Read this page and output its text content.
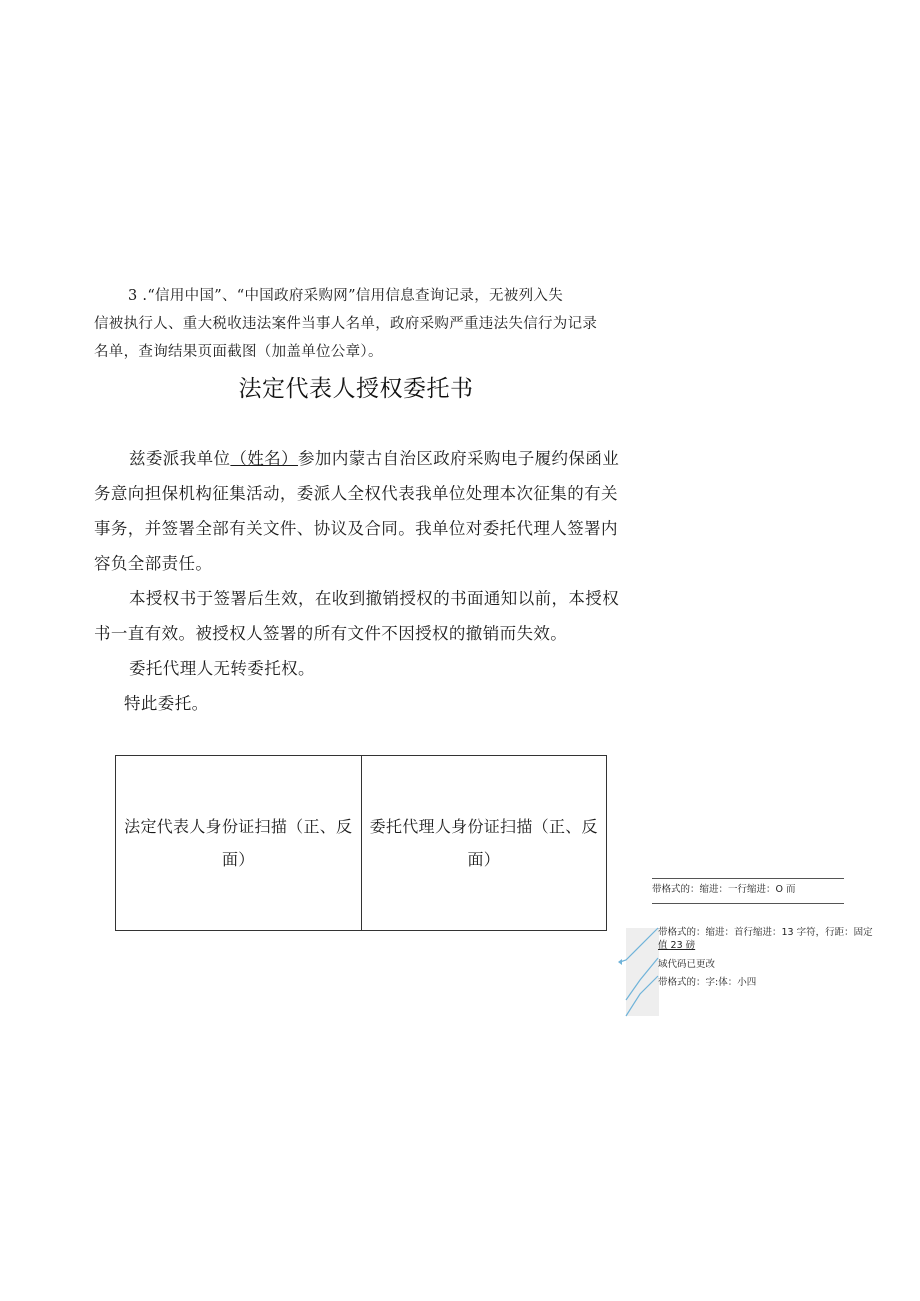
3 .“信用中国”、“中国政府采购网”信用信息查询记录，无被列入失

信被执行人、重大税收违法案件当事人名单，政府采购严重违法失信行为记录

名单，查询结果页面截图（加盖单位公章）。

法定代表人授权委托书

兹委派我单位（姓名）参加内蒙古自治区政府采购电子履约保函业务意向担保机构征集活动，委派人全权代表我单位处理本次征集的有关事务，并签署全部有关文件、协议及合同。我单位对委托代理人签署内容负全部责任。

本授权书于签署后生效，在收到撤销授权的书面通知以前，本授权书一直有效。被授权人签署的所有文件不因授权的撤销而失效。

委托代理人无转委托权。

特此委托。

法定代表人身份证扫描（正、反面）	委托代理人身份证扫描（正、反面）
带格式的：缩进：一行缩进：O 而
带格式的：缩进：首行缩进：13 字符，行距：固定
值 23 磅
域代码已更改
带格式的：字:体：小四
